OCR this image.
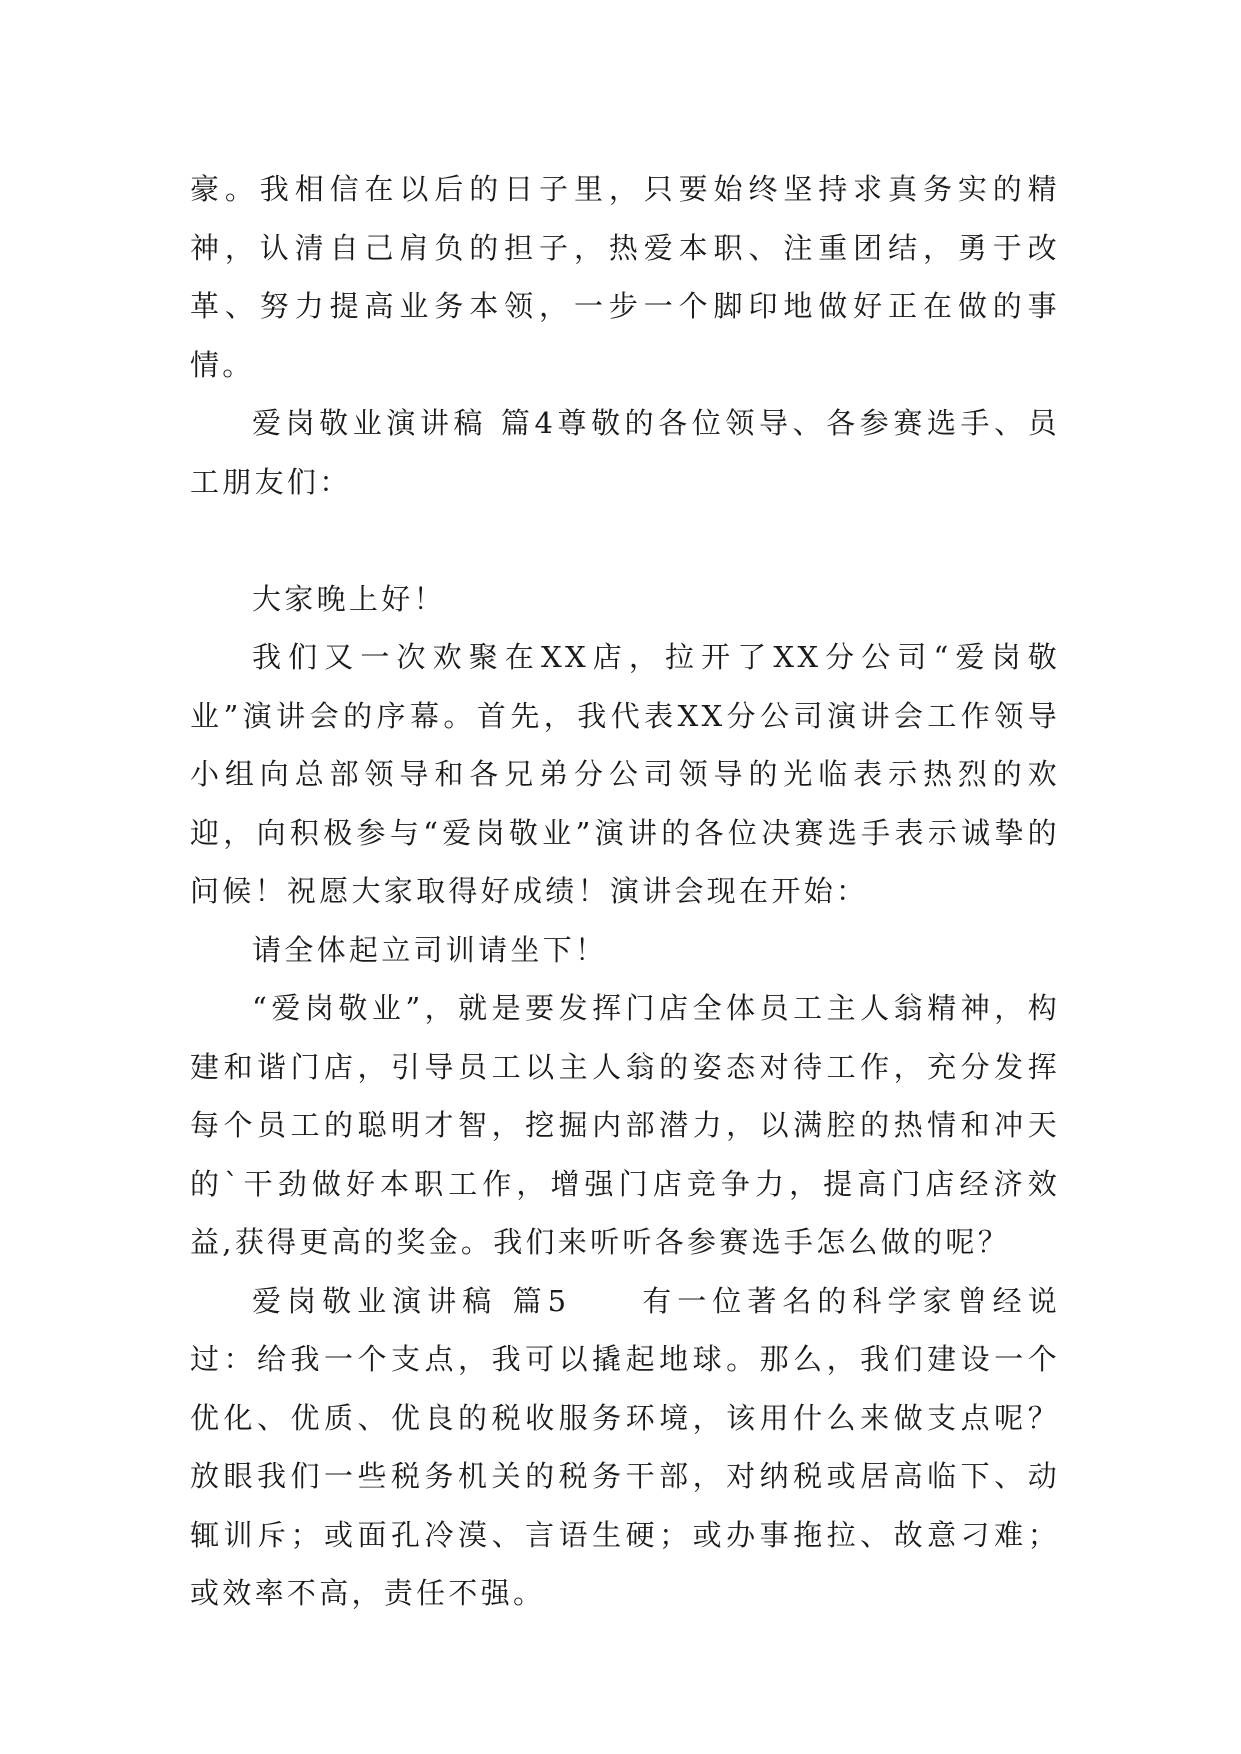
豪。我相信在以后的日子里，只要始终坚持求真务实的精神，认清自己肩负的担子，热爱本职、注重团结，勇于改革、努力提高业务本领，一步一个脚印地做好正在做的事情。

爱岗敬业演讲稿 篇4尊敬的各位领导、各参赛选手、员工朋友们：

大家晚上好！

我们又一次欢聚在XX店，拉开了XX分公司“爱岗敬业”演讲会的序幕。首先，我代表XX分公司演讲会工作领导小组向总部领导和各兄弟分公司领导的光临表示热烈的欢迎，向积极参与“爱岗敬业”演讲的各位决赛选手表示诚挚的问候！祝愿大家取得好成绩！演讲会现在开始：

请全体起立司训请坐下！

“爱岗敬业”，就是要发挥门店全体员工主人翁精神，构建和谐门店，引导员工以主人翁的姿态对待工作，充分发挥每个员工的聪明才智，挖掘内部潜力，以满腔的热情和冲天的`干劲做好本职工作，增强门店竞争力，提高门店经济效益,获得更高的奖金。我们来听听各参赛选手怎么做的呢？

爱岗敬业演讲稿 篇5　　有一位著名的科学家曾经说过：给我一个支点，我可以撬起地球。那么，我们建设一个优化、优质、优良的税收服务环境，该用什么来做支点呢？放眼我们一些税务机关的税务干部，对纳税或居高临下、动辄训斥；或面孔冷漠、言语生硬；或办事拖拉、故意刁难；或效率不高，责任不强。
